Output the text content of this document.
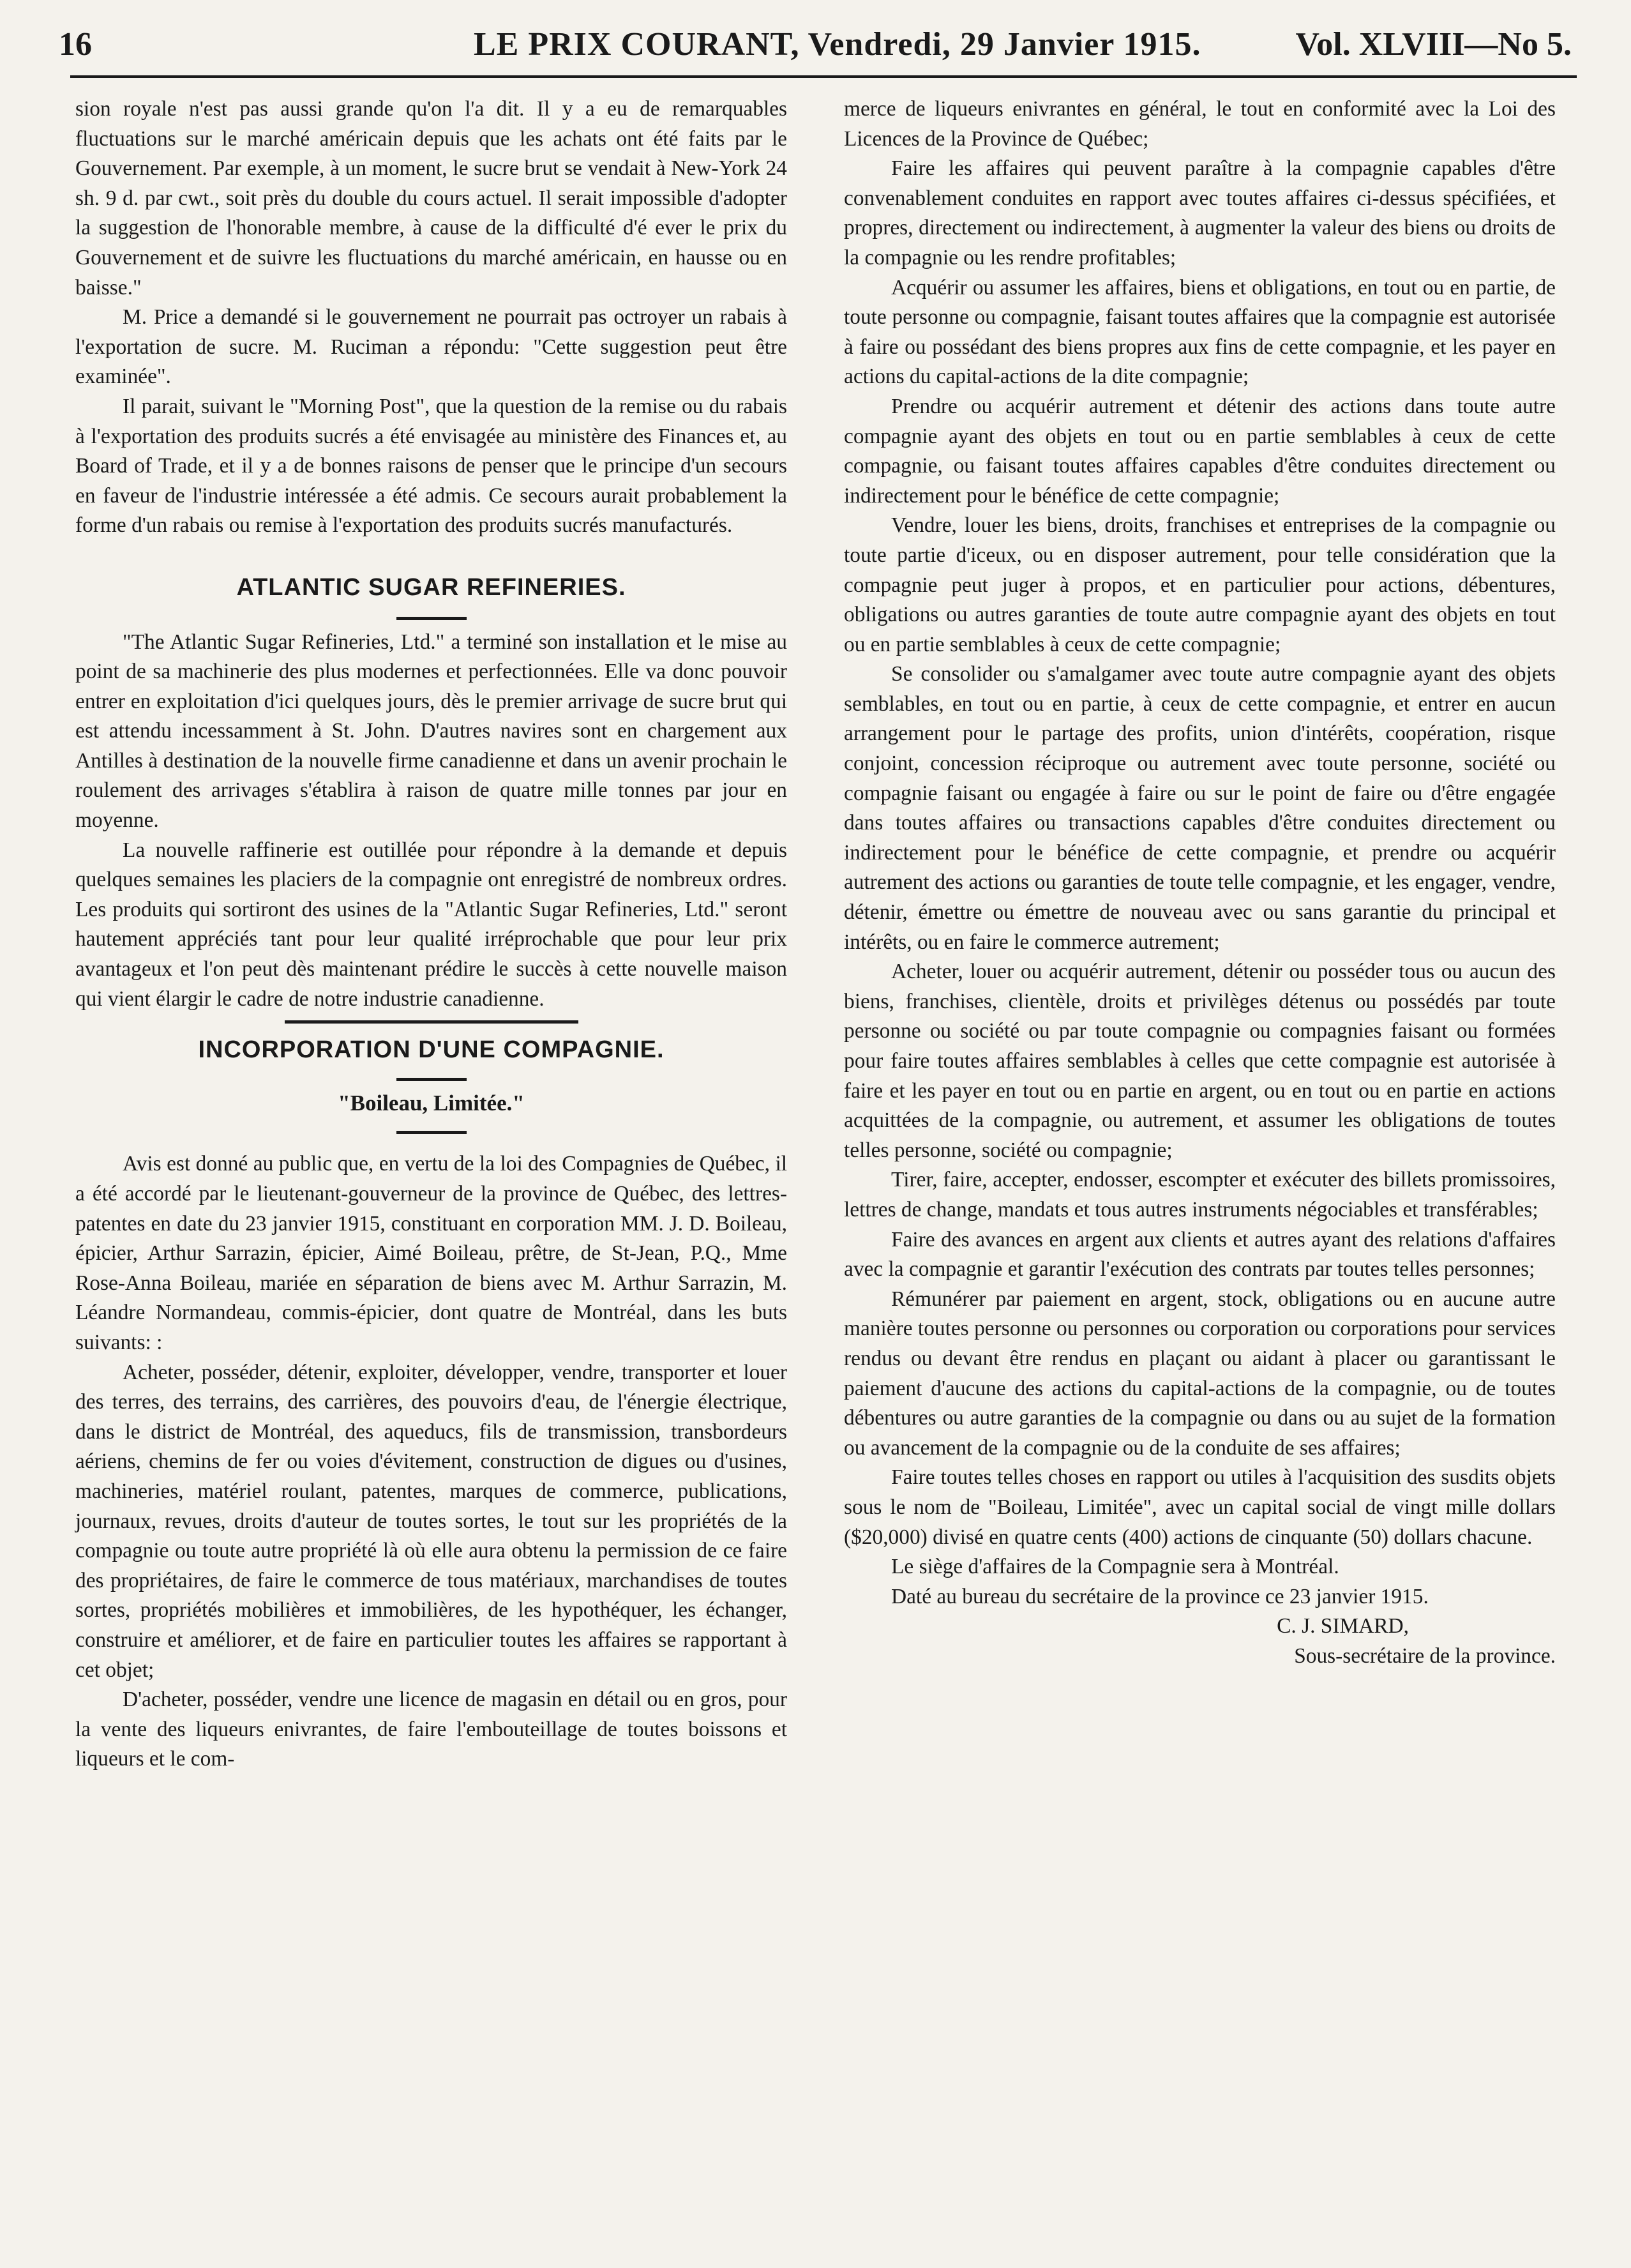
16	LE PRIX COURANT, Vendredi, 29 Janvier 1915.	Vol. XLVIII—No 5.

sion royale n'est pas aussi grande qu'on l'a dit. Il y a eu de remarquables fluctuations sur le marché américain depuis que les achats ont été faits par le Gouvernement. Par exemple, à un moment, le sucre brut se vendait à New-York 24 sh. 9 d. par cwt., soit près du double du cours actuel. Il serait impossible d'adopter la suggestion de l'honorable membre, à cause de la difficulté d'é ever le prix du Gouvernement et de suivre les fluctuations du marché américain, en hausse ou en baisse."

M. Price a demandé si le gouvernement ne pourrait pas octroyer un rabais à l'exportation de sucre. M. Ruciman a répondu: "Cette suggestion peut être examinée".

Il parait, suivant le "Morning Post", que la question de la remise ou du rabais à l'exportation des produits sucrés a été envisagée au ministère des Finances et, au Board of Trade, et il y a de bonnes raisons de penser que le principe d'un secours en faveur de l'industrie intéressée a été admis. Ce secours aurait probablement la forme d'un rabais ou remise à l'exportation des produits sucrés manufacturés.

ATLANTIC SUGAR REFINERIES.

"The Atlantic Sugar Refineries, Ltd." a terminé son installation et le mise au point de sa machinerie des plus modernes et perfectionnées. Elle va donc pouvoir entrer en exploitation d'ici quelques jours, dès le premier arrivage de sucre brut qui est attendu incessamment à St. John. D'autres navires sont en chargement aux Antilles à destination de la nouvelle firme canadienne et dans un avenir prochain le roulement des arrivages s'établira à raison de quatre mille tonnes par jour en moyenne.

La nouvelle raffinerie est outillée pour répondre à la demande et depuis quelques semaines les placiers de la compagnie ont enregistré de nombreux ordres. Les produits qui sortiront des usines de la "Atlantic Sugar Refineries, Ltd." seront hautement appréciés tant pour leur qualité irréprochable que pour leur prix avantageux et l'on peut dès maintenant prédire le succès à cette nouvelle maison qui vient élargir le cadre de notre industrie canadienne.

INCORPORATION D'UNE COMPAGNIE.
"Boileau, Limitée."

Avis est donné au public que, en vertu de la loi des Compagnies de Québec, il a été accordé par le lieutenant-gouverneur de la province de Québec, des lettres-patentes en date du 23 janvier 1915, constituant en corporation MM. J. D. Boileau, épicier, Arthur Sarrazin, épicier, Aimé Boileau, prêtre, de St-Jean, P.Q., Mme Rose-Anna Boileau, mariée en séparation de biens avec M. Arthur Sarrazin, M. Léandre Normandeau, commis-épicier, dont quatre de Montréal, dans les buts suivants: :

Acheter, posséder, détenir, exploiter, développer, vendre, transporter et louer des terres, des terrains, des carrières, des pouvoirs d'eau, de l'énergie électrique, dans le district de Montréal, des aqueducs, fils de transmission, transbordeurs aériens, chemins de fer ou voies d'évitement, construction de digues ou d'usines, machineries, matériel roulant, patentes, marques de commerce, publications, journaux, revues, droits d'auteur de toutes sortes, le tout sur les propriétés de la compagnie ou toute autre propriété là où elle aura obtenu la permission de ce faire des propriétaires, de faire le commerce de tous matériaux, marchandises de toutes sortes, propriétés mobilières et immobilières, de les hypothéquer, les échanger, construire et améliorer, et de faire en particulier toutes les affaires se rapportant à cet objet;

D'acheter, posséder, vendre une licence de magasin en détail ou en gros, pour la vente des liqueurs enivrantes, de faire l'embouteillage de toutes boissons et liqueurs et le com-

merce de liqueurs enivrantes en général, le tout en conformité avec la Loi des Licences de la Province de Québec;

Faire les affaires qui peuvent paraître à la compagnie capables d'être convenablement conduites en rapport avec toutes affaires ci-dessus spécifiées, et propres, directement ou indirectement, à augmenter la valeur des biens ou droits de la compagnie ou les rendre profitables;

Acquérir ou assumer les affaires, biens et obligations, en tout ou en partie, de toute personne ou compagnie, faisant toutes affaires que la compagnie est autorisée à faire ou possédant des biens propres aux fins de cette compagnie, et les payer en actions du capital-actions de la dite compagnie;

Prendre ou acquérir autrement et détenir des actions dans toute autre compagnie ayant des objets en tout ou en partie semblables à ceux de cette compagnie, ou faisant toutes affaires capables d'être conduites directement ou indirectement pour le bénéfice de cette compagnie;

Vendre, louer les biens, droits, franchises et entreprises de la compagnie ou toute partie d'iceux, ou en disposer autrement, pour telle considération que la compagnie peut juger à propos, et en particulier pour actions, débentures, obligations ou autres garanties de toute autre compagnie ayant des objets en tout ou en partie semblables à ceux de cette compagnie;

Se consolider ou s'amalgamer avec toute autre compagnie ayant des objets semblables, en tout ou en partie, à ceux de cette compagnie, et entrer en aucun arrangement pour le partage des profits, union d'intérêts, coopération, risque conjoint, concession réciproque ou autrement avec toute personne, société ou compagnie faisant ou engagée à faire ou sur le point de faire ou d'être engagée dans toutes affaires ou transactions capables d'être conduites directement ou indirectement pour le bénéfice de cette compagnie, et prendre ou acquérir autrement des actions ou garanties de toute telle compagnie, et les engager, vendre, détenir, émettre ou émettre de nouveau avec ou sans garantie du principal et intérêts, ou en faire le commerce autrement;

Acheter, louer ou acquérir autrement, détenir ou posséder tous ou aucun des biens, franchises, clientèle, droits et privilèges détenus ou possédés par toute personne ou société ou par toute compagnie ou compagnies faisant ou formées pour faire toutes affaires semblables à celles que cette compagnie est autorisée à faire et les payer en tout ou en partie en argent, ou en tout ou en partie en actions acquittées de la compagnie, ou autrement, et assumer les obligations de toutes telles personne, société ou compagnie;

Tirer, faire, accepter, endosser, escompter et exécuter des billets promissoires, lettres de change, mandats et tous autres instruments négociables et transférables;

Faire des avances en argent aux clients et autres ayant des relations d'affaires avec la compagnie et garantir l'exécution des contrats par toutes telles personnes;

Rémunérer par paiement en argent, stock, obligations ou en aucune autre manière toutes personne ou personnes ou corporation ou corporations pour services rendus ou devant être rendus en plaçant ou aidant à placer ou garantissant le paiement d'aucune des actions du capital-actions de la compagnie, ou de toutes débentures ou autre garanties de la compagnie ou dans ou au sujet de la formation ou avancement de la compagnie ou de la conduite de ses affaires;

Faire toutes telles choses en rapport ou utiles à l'acquisition des susdits objets sous le nom de "Boileau, Limitée", avec un capital social de vingt mille dollars ($20,000) divisé en quatre cents (400) actions de cinquante (50) dollars chacune.

Le siège d'affaires de la Compagnie sera à Montréal.

Daté au bureau du secrétaire de la province ce 23 janvier 1915.

C. J. SIMARD,
Sous-secrétaire de la province.
